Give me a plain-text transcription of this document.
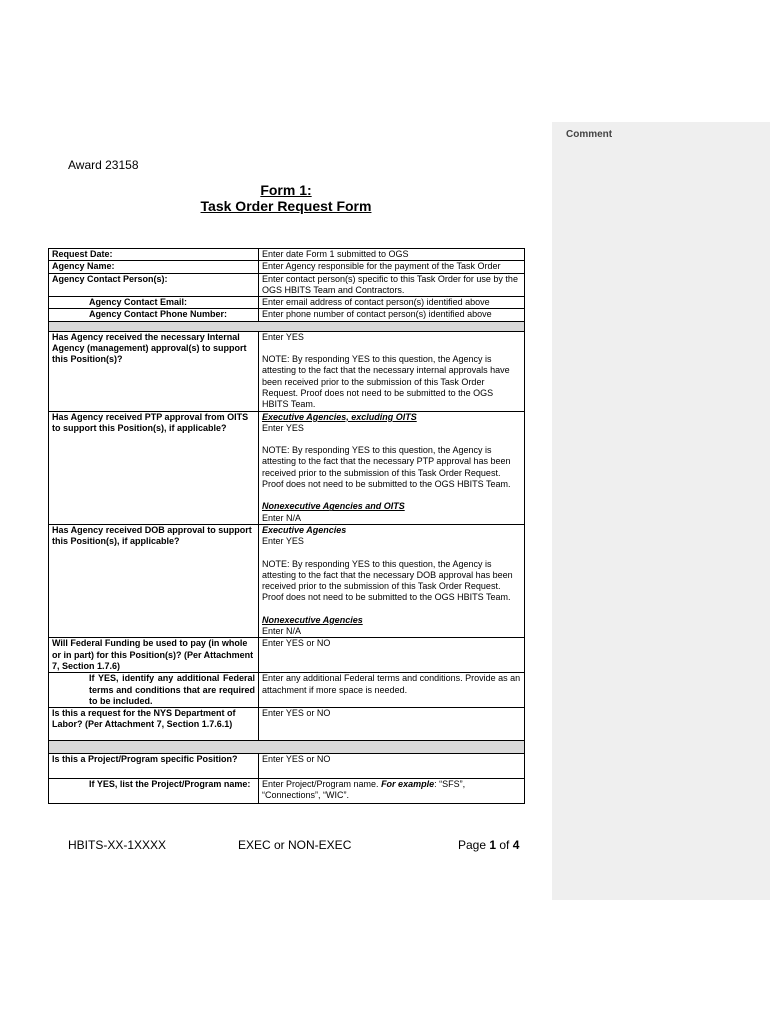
Comment
Award 23158
Form 1:
Task Order Request Form
Request Date:	Enter date Form 1 submitted to OGS
Agency Name:	Enter Agency responsible for the payment of the Task Order
Agency Contact Person(s):	Enter contact person(s) specific to this Task Order for use by the OGS HBITS Team and Contractors.
Agency Contact Email:	Enter email address of contact person(s) identified above
Agency Contact Phone Number:	Enter phone number of contact person(s) identified above

Has Agency received the necessary Internal Agency (management) approval(s) to support this Position(s)?	Enter YES
NOTE: By responding YES to this question, the Agency is attesting to the fact that the necessary internal approvals have been received prior to the submission of this Task Order Request. Proof does not need to be submitted to the OGS HBITS Team.

Has Agency received PTP approval from OITS to support this Position(s), if applicable?	Executive Agencies, excluding OITS
Enter YES
NOTE: By responding YES to this question, the Agency is attesting to the fact that the necessary PTP approval has been received prior to the submission of this Task Order Request. Proof does not need to be submitted to the OGS HBITS Team.
Nonexecutive Agencies and OITS
Enter N/A

Has Agency received DOB approval to support this Position(s), if applicable?	Executive Agencies
Enter YES
NOTE: By responding YES to this question, the Agency is attesting to the fact that the necessary DOB approval has been received prior to the submission of this Task Order Request. Proof does not need to be submitted to the OGS HBITS Team.
Nonexecutive Agencies
Enter N/A

Will Federal Funding be used to pay (in whole or in part) for this Position(s)? (Per Attachment 7, Section 1.7.6)	Enter YES or NO
If YES, identify any additional Federal terms and conditions that are required to be included.	Enter any additional Federal terms and conditions. Provide as an attachment if more space is needed.
Is this a request for the NYS Department of Labor? (Per Attachment 7, Section 1.7.6.1)	Enter YES or NO

Is this a Project/Program specific Position?	Enter YES or NO
If YES, list the Project/Program name:	Enter Project/Program name. For example: “SFS”, “Connections”, “WIC”.
HBITS-XX-1XXXX	EXEC or NON-EXEC	Page 1 of 4
